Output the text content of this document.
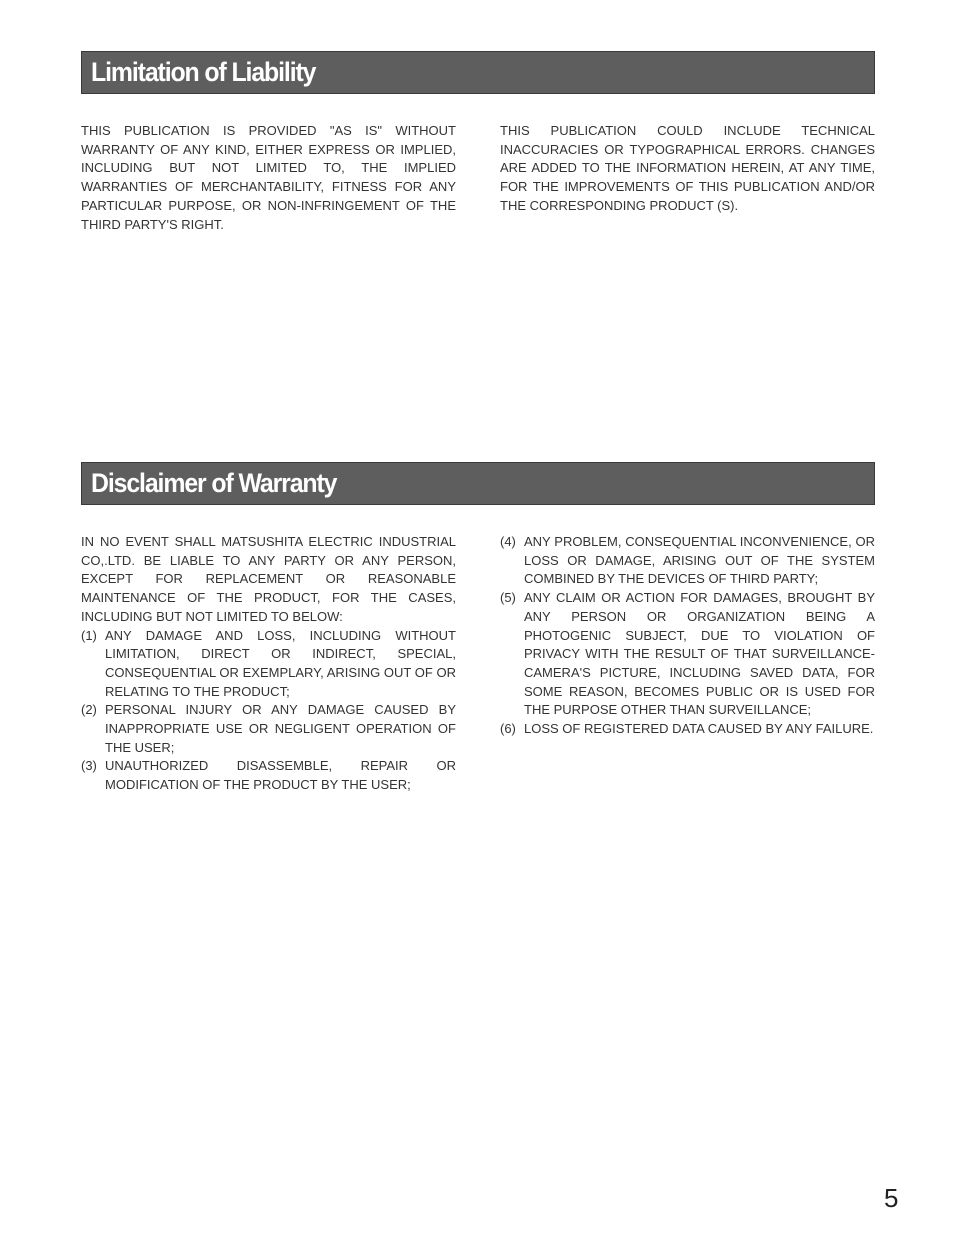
Limitation of Liability

THIS PUBLICATION IS PROVIDED "AS IS" WITHOUT WARRANTY OF ANY KIND, EITHER EXPRESS OR IMPLIED, INCLUDING BUT NOT LIMITED TO, THE IMPLIED WARRANTIES OF MERCHANTABILITY, FITNESS FOR ANY PARTICULAR PURPOSE, OR NON-INFRINGEMENT OF THE THIRD PARTY'S RIGHT.

THIS PUBLICATION COULD INCLUDE TECHNICAL INACCURACIES OR TYPOGRAPHICAL ERRORS. CHANGES ARE ADDED TO THE INFORMATION HEREIN, AT ANY TIME, FOR THE IMPROVEMENTS OF THIS PUBLICATION AND/OR THE CORRESPONDING PRODUCT (S).

Disclaimer of Warranty

IN NO EVENT SHALL MATSUSHITA ELECTRIC INDUSTRIAL CO,.LTD. BE LIABLE TO ANY PARTY OR ANY PERSON, EXCEPT FOR REPLACEMENT OR REASONABLE MAINTENANCE OF THE PRODUCT, FOR THE CASES, INCLUDING BUT NOT LIMITED TO BELOW:

(1) ANY DAMAGE AND LOSS, INCLUDING WITHOUT LIMITATION, DIRECT OR INDIRECT, SPECIAL, CONSEQUENTIAL OR EXEMPLARY, ARISING OUT OF OR RELATING TO THE PRODUCT;
(2) PERSONAL INJURY OR ANY DAMAGE CAUSED BY INAPPROPRIATE USE OR NEGLIGENT OPERATION OF THE USER;
(3) UNAUTHORIZED DISASSEMBLE, REPAIR OR MODIFICATION OF THE PRODUCT BY THE USER;
(4) ANY PROBLEM, CONSEQUENTIAL INCONVENIENCE, OR LOSS OR DAMAGE, ARISING OUT OF THE SYSTEM COMBINED BY THE DEVICES OF THIRD PARTY;
(5) ANY CLAIM OR ACTION FOR DAMAGES, BROUGHT BY ANY PERSON OR ORGANIZATION BEING A PHOTOGENIC SUBJECT, DUE TO VIOLATION OF PRIVACY WITH THE RESULT OF THAT SURVEILLANCE-CAMERA'S PICTURE, INCLUDING SAVED DATA, FOR SOME REASON, BECOMES PUBLIC OR IS USED FOR THE PURPOSE OTHER THAN SURVEILLANCE;
(6) LOSS OF REGISTERED DATA CAUSED BY ANY FAILURE.
5
